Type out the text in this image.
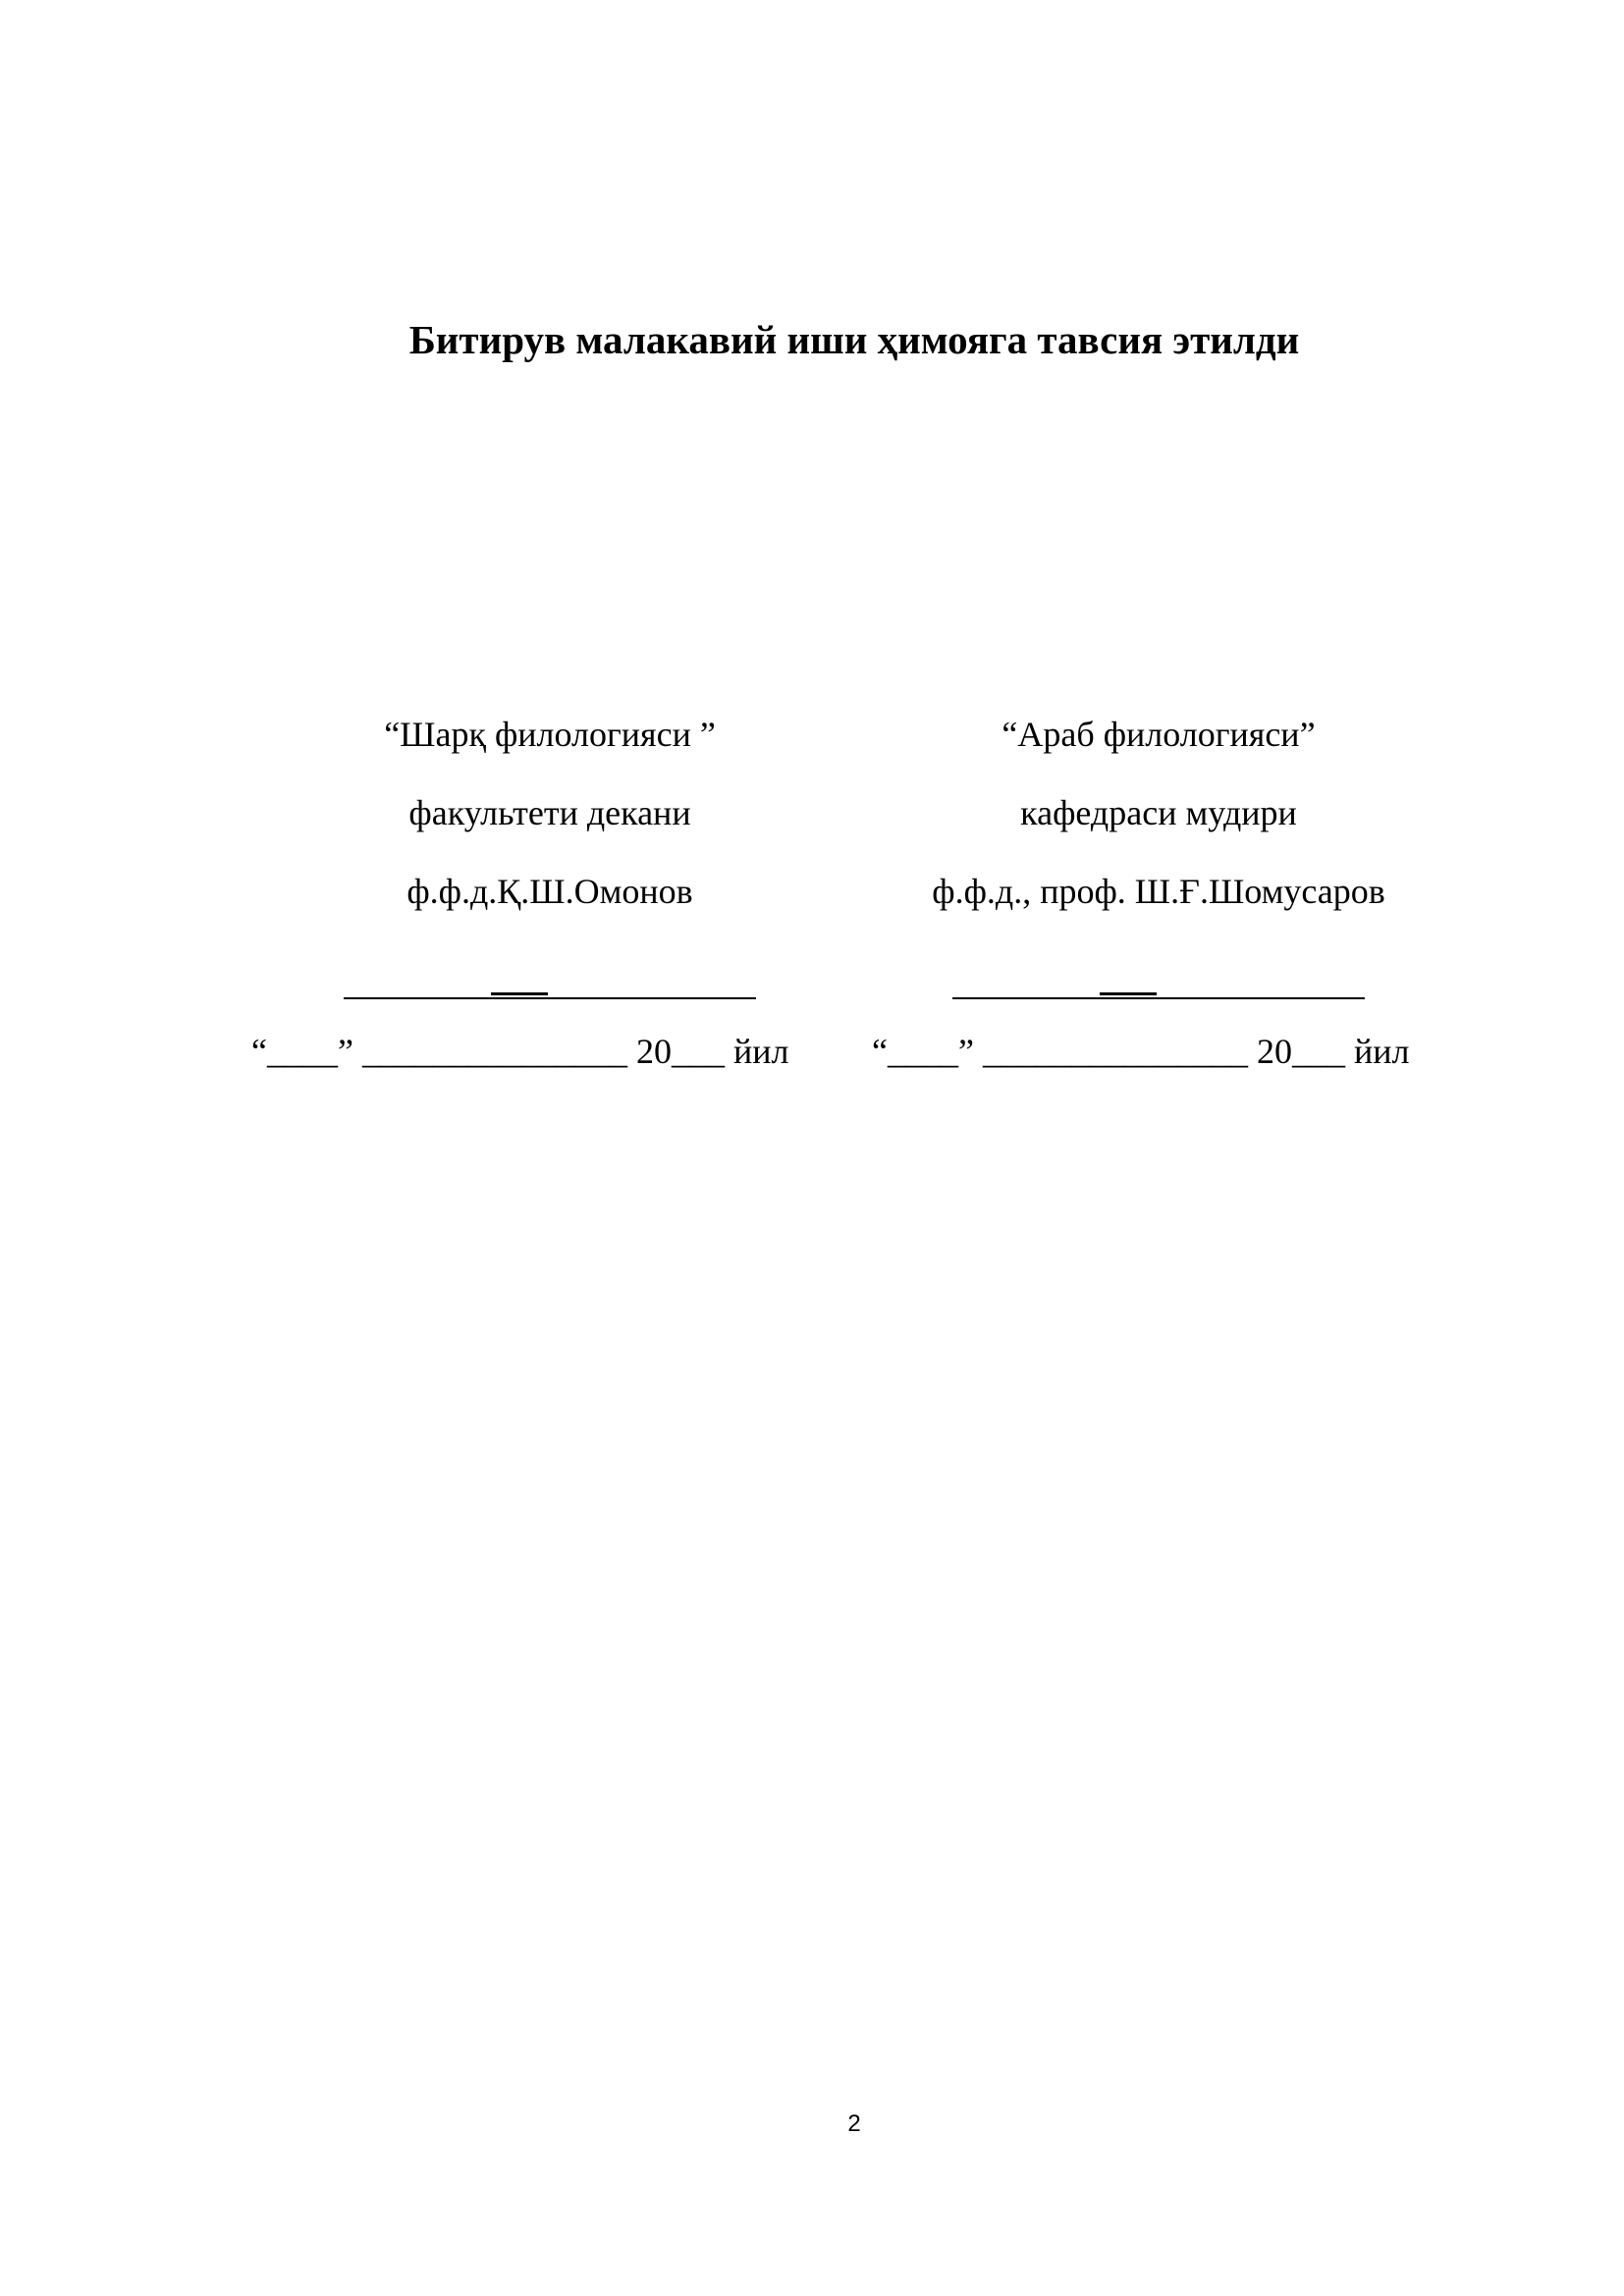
Битирув малакавий иши ҳимояга тавсия этилди
“Шарқ филологияси ”
факультети декани
ф.ф.д.Қ.Ш.Омонов
“Араб филологияси”
кафедраси мудири
ф.ф.д., проф. Ш.Ғ.Шомусаров
“____” _______________ 20___ йил “____” _______________ 20___ йил
2
